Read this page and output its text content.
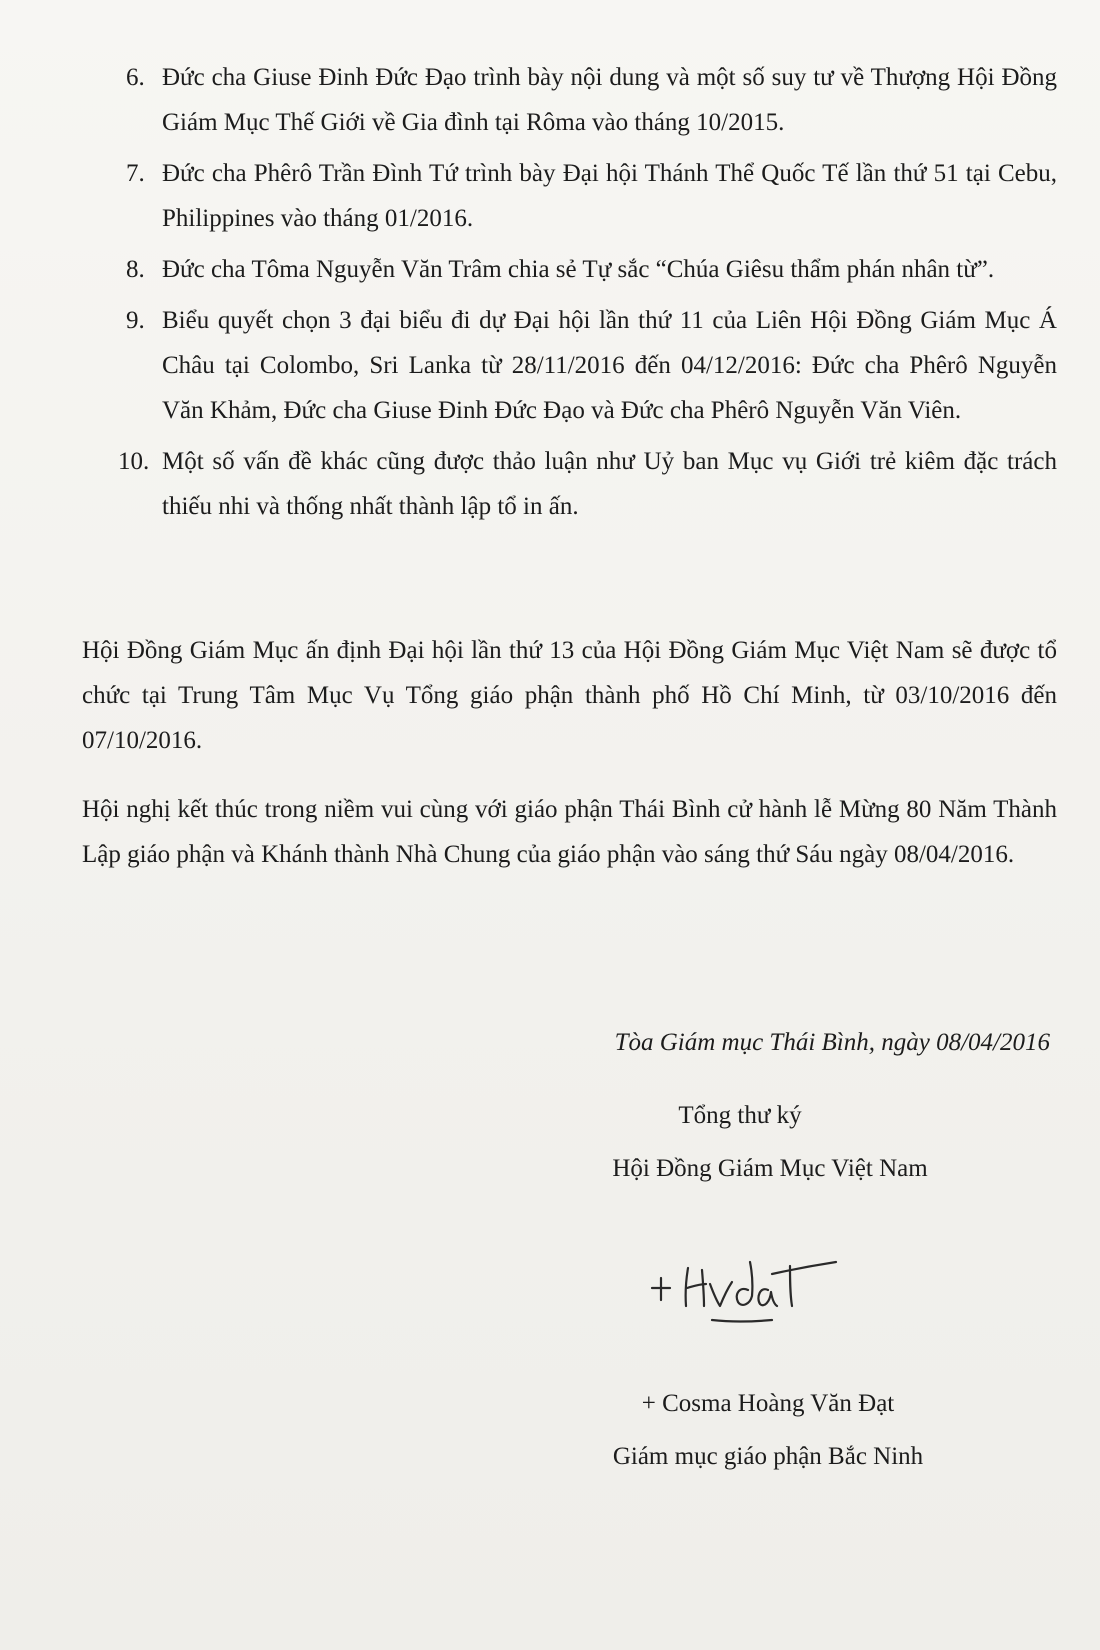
6. Đức cha Giuse Đinh Đức Đạo trình bày nội dung và một số suy tư về Thượng Hội Đồng Giám Mục Thế Giới về Gia đình tại Rôma vào tháng 10/2015.
7. Đức cha Phêrô Trần Đình Tứ trình bày Đại hội Thánh Thể Quốc Tế lần thứ 51 tại Cebu, Philippines vào tháng 01/2016.
8. Đức cha Tôma Nguyễn Văn Trâm chia sẻ Tự sắc “Chúa Giêsu thẩm phán nhân từ”.
9. Biểu quyết chọn 3 đại biểu đi dự Đại hội lần thứ 11 của Liên Hội Đồng Giám Mục Á Châu tại Colombo, Sri Lanka từ 28/11/2016 đến 04/12/2016: Đức cha Phêrô Nguyễn Văn Khảm, Đức cha Giuse Đinh Đức Đạo và Đức cha Phêrô Nguyễn Văn Viên.
10. Một số vấn đề khác cũng được thảo luận như Uỷ ban Mục vụ Giới trẻ kiêm đặc trách thiếu nhi và thống nhất thành lập tổ in ấn.

Hội Đồng Giám Mục ấn định Đại hội lần thứ 13 của Hội Đồng Giám Mục Việt Nam sẽ được tổ chức tại Trung Tâm Mục Vụ Tổng giáo phận thành phố Hồ Chí Minh, từ 03/10/2016 đến 07/10/2016.

Hội nghị kết thúc trong niềm vui cùng với giáo phận Thái Bình cử hành lễ Mừng 80 Năm Thành Lập giáo phận và Khánh thành Nhà Chung của giáo phận vào sáng thứ Sáu ngày 08/04/2016.

Tòa Giám mục Thái Bình, ngày 08/04/2016
Tổng thư ký
Hội Đồng Giám Mục Việt Nam
+ Cosma Hoàng Văn Đạt
Giám mục giáo phận Bắc Ninh
